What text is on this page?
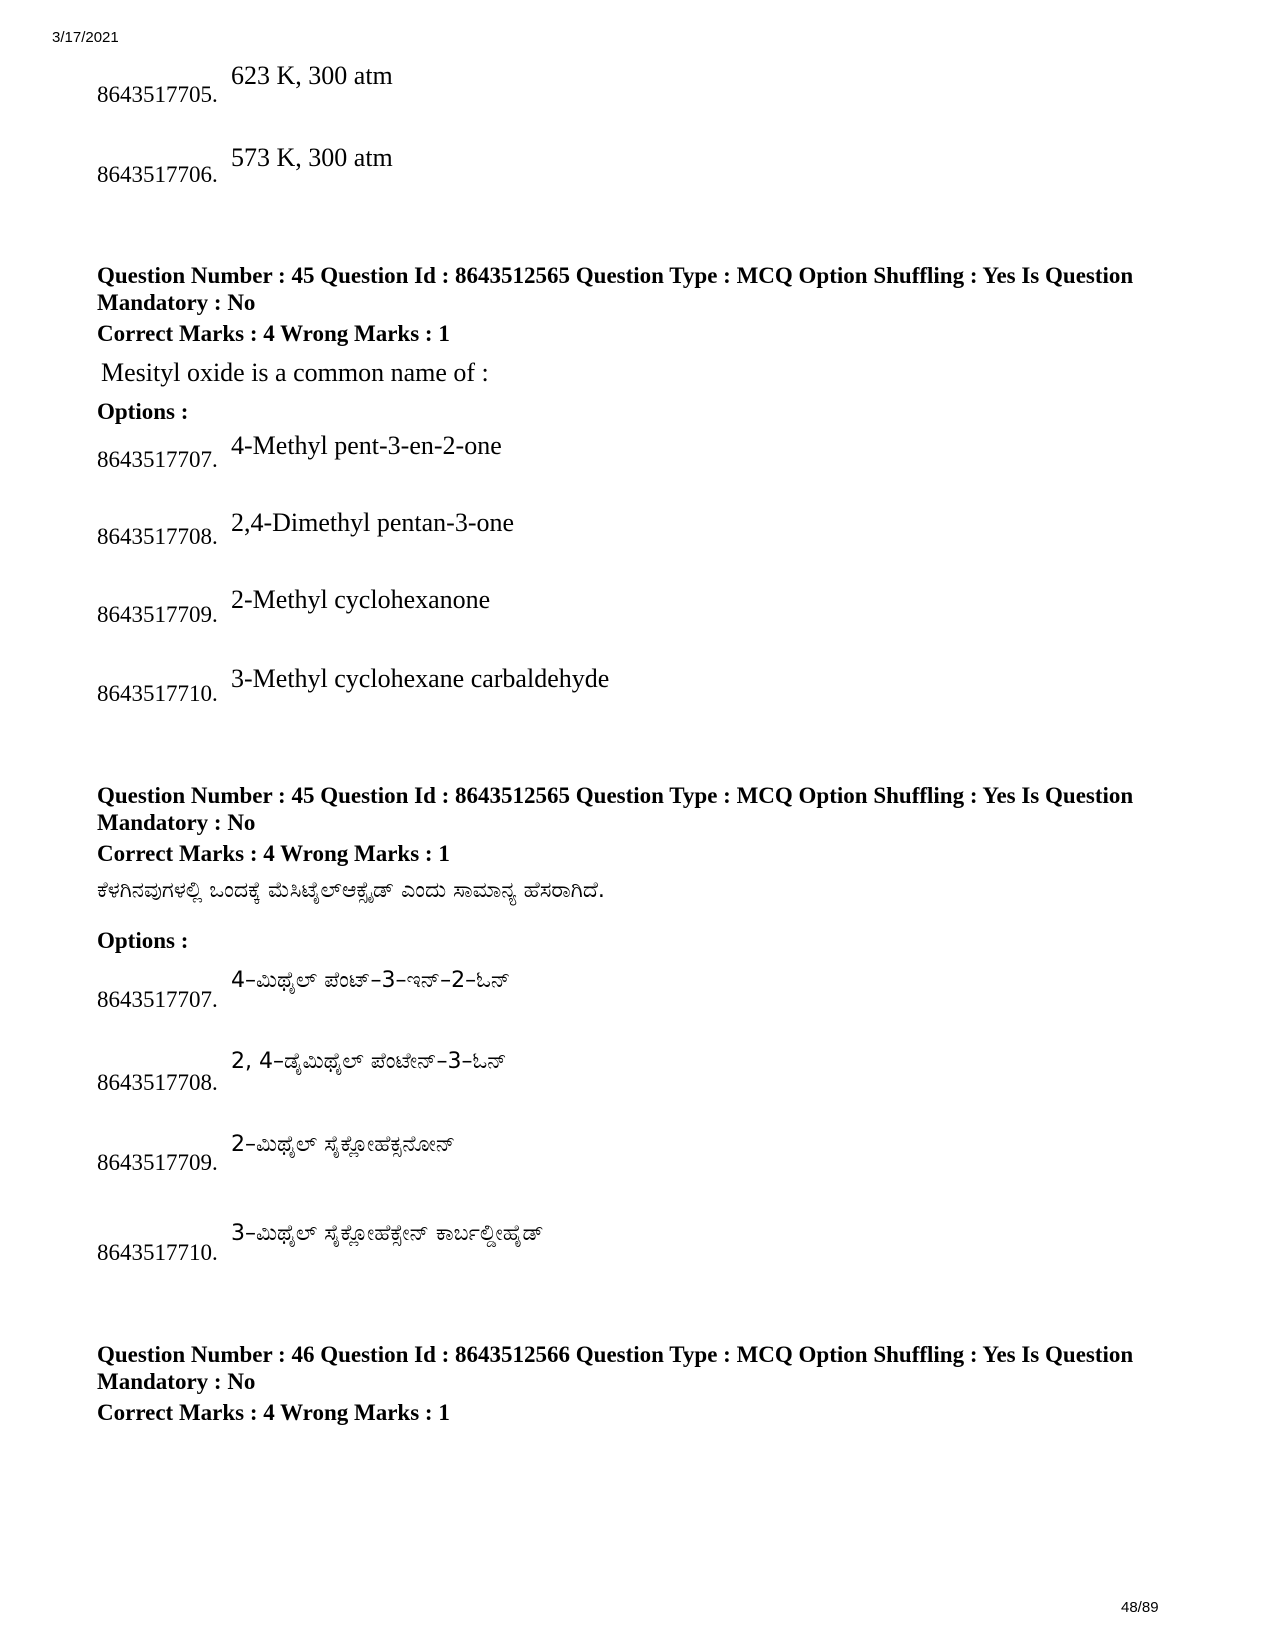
3/17/2021
8643517705.
623 K, 300 atm
8643517706.
573 K, 300 atm
Question Number : 45 Question Id : 8643512565 Question Type : MCQ Option Shuffling : Yes Is Question Mandatory : No
Correct Marks : 4 Wrong Marks : 1
Mesityl oxide is a common name of :
Options :
8643517707. 4-Methyl pent-3-en-2-one
8643517708. 2,4-Dimethyl pentan-3-one
8643517709.
2-Methyl cyclohexanone
8643517710.
3-Methyl cyclohexane carbaldehyde
Question Number : 45 Question Id : 8643512565 Question Type : MCQ Option Shuffling : Yes Is Question Mandatory : No
Correct Marks : 4 Wrong Marks : 1
ಕೆಳಗಿನವುಗಳಲ್ಲಿ ಒಂದಕ್ಕೆ ಮೆಸಿಟೈಲ್‌ಆಕ್ಸೈಡ್ ಎಂದು ಸಾಮಾನ್ಯ ಹೆಸರಾಗಿದೆ.
Options :
8643517707.
4–ಮಿಥೈಲ್ ಪೆಂಟ್–3–ಇನ್–2–ಓನ್
8643517708.
2, 4–ಡೈಮಿಥೈಲ್ ಪೆಂಟೇನ್–3–ಓನ್
8643517709.
2–ಮಿಥೈಲ್ ಸೈಕ್ಲೋಹೆಕ್ಸನೋನ್
8643517710.
3–ಮಿಥೈಲ್ ಸೈಕ್ಲೋಹೆಕ್ಸೇನ್ ಕಾರ್ಬಲ್ಡೀಹೈಡ್
Question Number : 46 Question Id : 8643512566 Question Type : MCQ Option Shuffling : Yes Is Question Mandatory : No
Correct Marks : 4 Wrong Marks : 1
48/89
